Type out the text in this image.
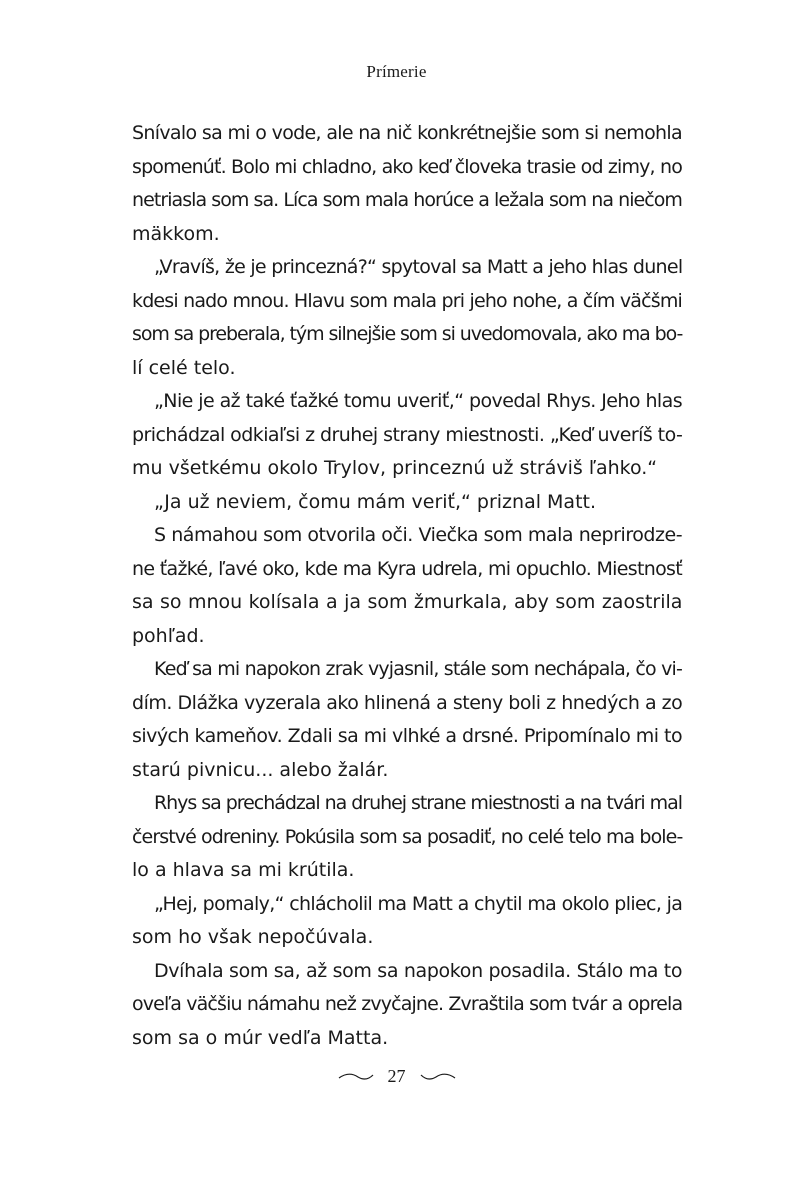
Prímerie
Snívalo sa mi o vode, ale na nič konkrétnejšie som si nemohla
spomenúť. Bolo mi chladno, ako keď človeka trasie od zimy, no
netriasla som sa. Líca som mala horúce a ležala som na niečom
mäkkom.
„Vravíš, že je princezná?“ spytoval sa Matt a jeho hlas dunel
kdesi nado mnou. Hlavu som mala pri jeho nohe, a čím väčšmi
som sa preberala, tým silnejšie som si uvedomovala, ako ma bo-
lí celé telo.
„Nie je až také ťažké tomu uveriť,“ povedal Rhys. Jeho hlas
prichádzal odkiaľsi z druhej strany miestnosti. „Keď uveríš to-
mu všetkému okolo Trylov, princeznú už stráviš ľahko.“
„Ja už neviem, čomu mám veriť,“ priznal Matt.
S námahou som otvorila oči. Viečka som mala neprirodze-
ne ťažké, ľavé oko, kde ma Kyra udrela, mi opuchlo. Miestnosť
sa so mnou kolísala a ja som žmurkala, aby som zaostrila
pohľad.
Keď sa mi napokon zrak vyjasnil, stále som nechápala, čo vi-
dím. Dlážka vyzerala ako hlinená a steny boli z hnedých a zo
sivých kameňov. Zdali sa mi vlhké a drsné. Pripomínalo mi to
starú pivnicu... alebo žalár.
Rhys sa prechádzal na druhej strane miestnosti a na tvári mal
čerstvé odreniny. Pokúsila som sa posadiť, no celé telo ma bole-
lo a hlava sa mi krútila.
„Hej, pomaly,“ chlácholil ma Matt a chytil ma okolo pliec, ja
som ho však nepočúvala.
Dvíhala som sa, až som sa napokon posadila. Stálo ma to
oveľa väčšiu námahu než zvyčajne. Zvraštila som tvár a oprela
som sa o múr vedľa Matta.
27
